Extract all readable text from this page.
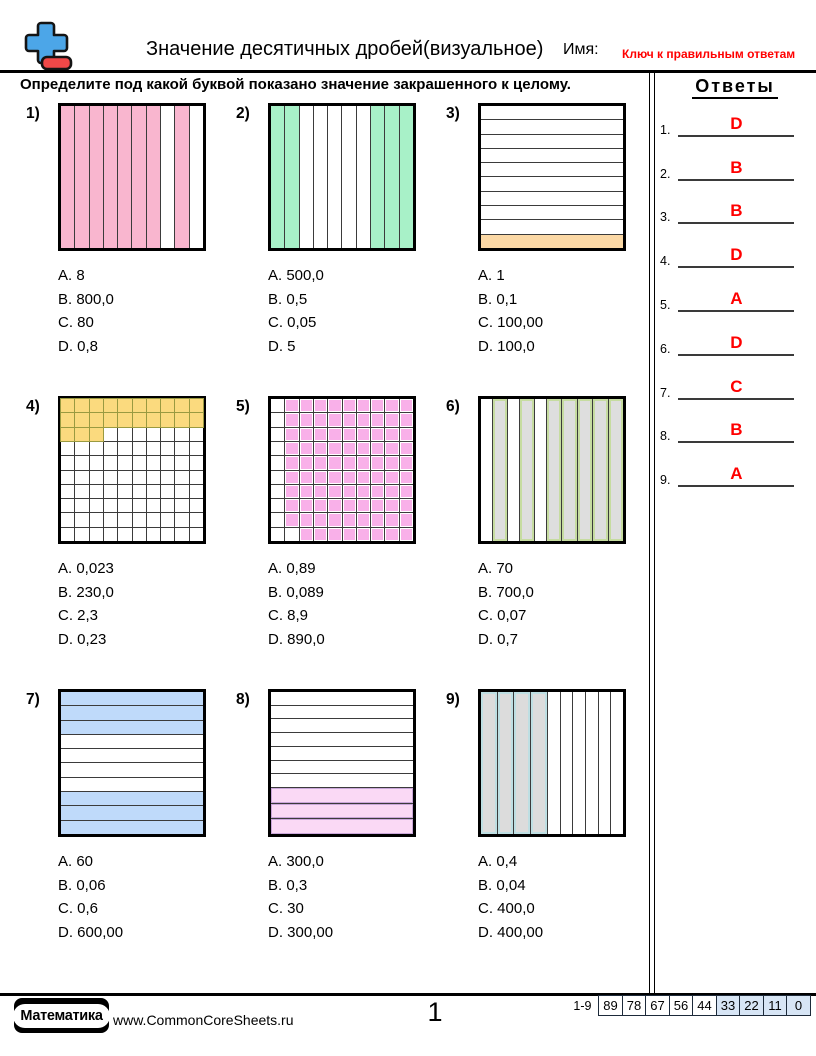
Значение десятичных дробей(визуальное) Имя: Ключ к правильным ответам
Определите под какой буквой показано значение закрашенного к целому.
1)
A. 8
B. 800,0
C. 80
D. 0,8
2)
A. 500,0
B. 0,5
C. 0,05
D. 5
3)
A. 1
B. 0,1
C. 100,00
D. 100,0
4)
A. 0,023
B. 230,0
C. 2,3
D. 0,23
5)
A. 0,89
B. 0,089
C. 8,9
D. 890,0
6)
A. 70
B. 700,0
C. 0,07
D. 0,7
7)
A. 60
B. 0,06
C. 0,6
D. 600,00
8)
A. 300,0
B. 0,3
C. 30
D. 300,00
9)
A. 0,4
B. 0,04
C. 400,0
D. 400,00
Ответы
1.	D
2.	B
3.	B
4.	D
5.	A
6.	D
7.	C
8.	B
9.	A
Математика www.CommonCoreSheets.ru	1	1-9 89 78 67 56 44 33 22 11	0
